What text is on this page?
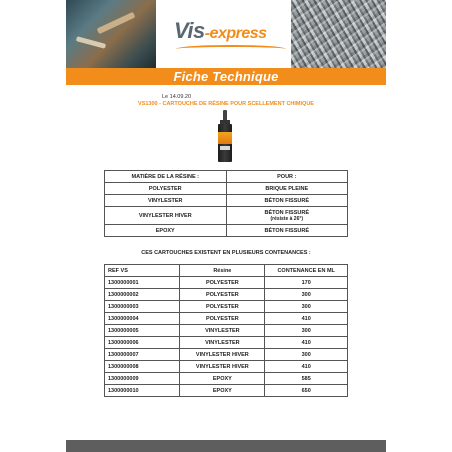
Vis-express
Fiche Technique
Le 14.09.20
VS1300 - CARTOUCHE DE RÉSINE POUR SCELLEMENT CHIMIQUE
MATIÈRE DE LA RÉSINE :	POUR :
POLYESTER	BRIQUE PLEINE
VINYLESTER	BÉTON FISSURÉ
VINYLESTER HIVER	BÉTON FISSURÉ
(résiste à 26°)

EPOXY	BÉTON FISSURÉ
CES CARTOUCHES EXISTENT EN PLUSIEURS CONTENANCES :
REF VS	Résine	CONTENANCE EN ML
1300000001	POLYESTER	170
1300000002	POLYESTER	300
1300000003	POLYESTER	300
1300000004	POLYESTER	410
1300000005	VINYLESTER	300
1300000006	VINYLESTER	410
1300000007	VINYLESTER HIVER	300
1300000008	VINYLESTER HIVER	410
1300000009	EPOXY	585
1300000010	EPOXY	650
